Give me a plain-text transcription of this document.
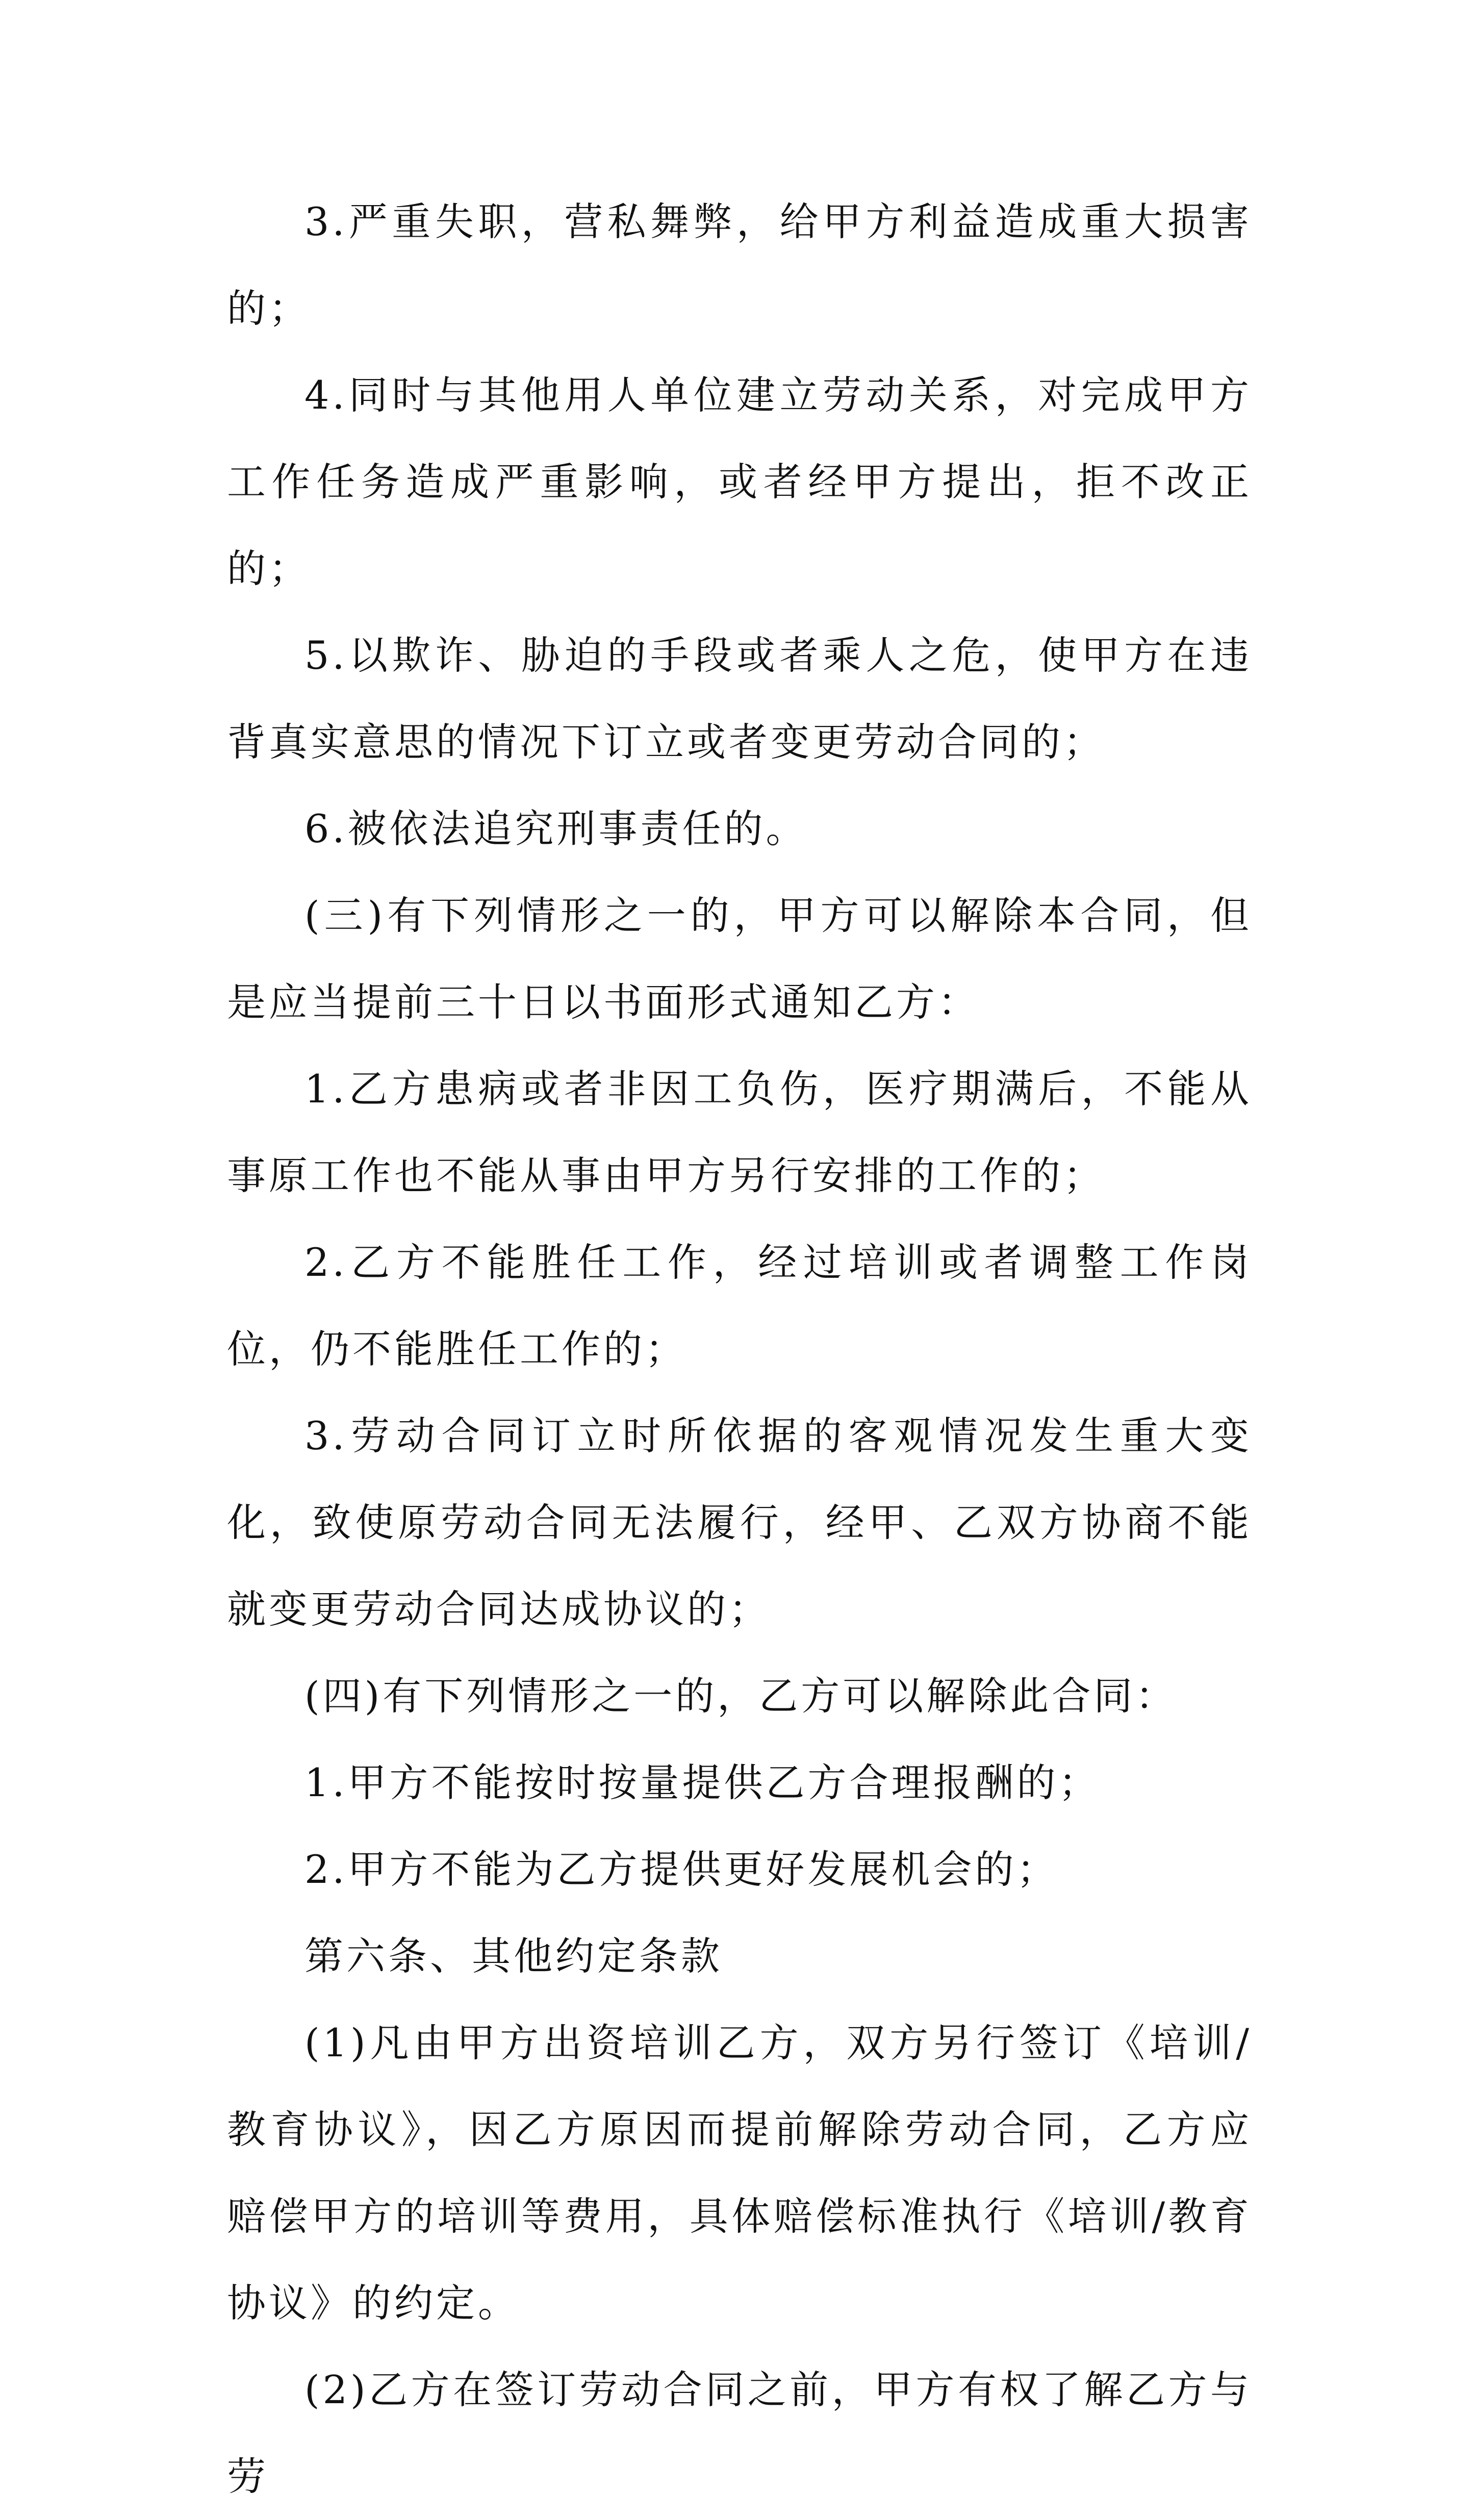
3.严重失职，营私舞弊，给甲方利益造成重大损害的；

4.同时与其他用人单位建立劳动关系，对完成甲方工作任务造成严重影响，或者经甲方提出，拒不改正的；

5.以欺诈、胁迫的手段或者乘人之危，使甲方在违背真实意思的情况下订立或者变更劳动合同的；

6.被依法追究刑事责任的。

(三)有下列情形之一的，甲方可以解除本合同，但是应当提前三十日以书面形式通知乙方：

1.乙方患病或者非因工负伤，医疗期满后，不能从事原工作也不能从事由甲方另行安排的工作的；

2.乙方不能胜任工作，经过培训或者调整工作岗位，仍不能胜任工作的；

3.劳动合同订立时所依据的客观情况发生重大变化，致使原劳动合同无法履行，经甲、乙双方协商不能就变更劳动合同达成协议的；

(四)有下列情形之一的，乙方可以解除此合同：

1.甲方不能按时按量提供乙方合理报酬的；

2.甲方不能为乙方提供更好发展机会的；

第六条、其他约定条款

(1)凡由甲方出资培训乙方，双方另行签订《培训/教育协议》，因乙方原因而提前解除劳动合同，乙方应赔偿甲方的培训等费用，具体赔偿标准执行《培训/教育协议》的约定。

(2)乙方在签订劳动合同之前，甲方有权了解乙方与劳
